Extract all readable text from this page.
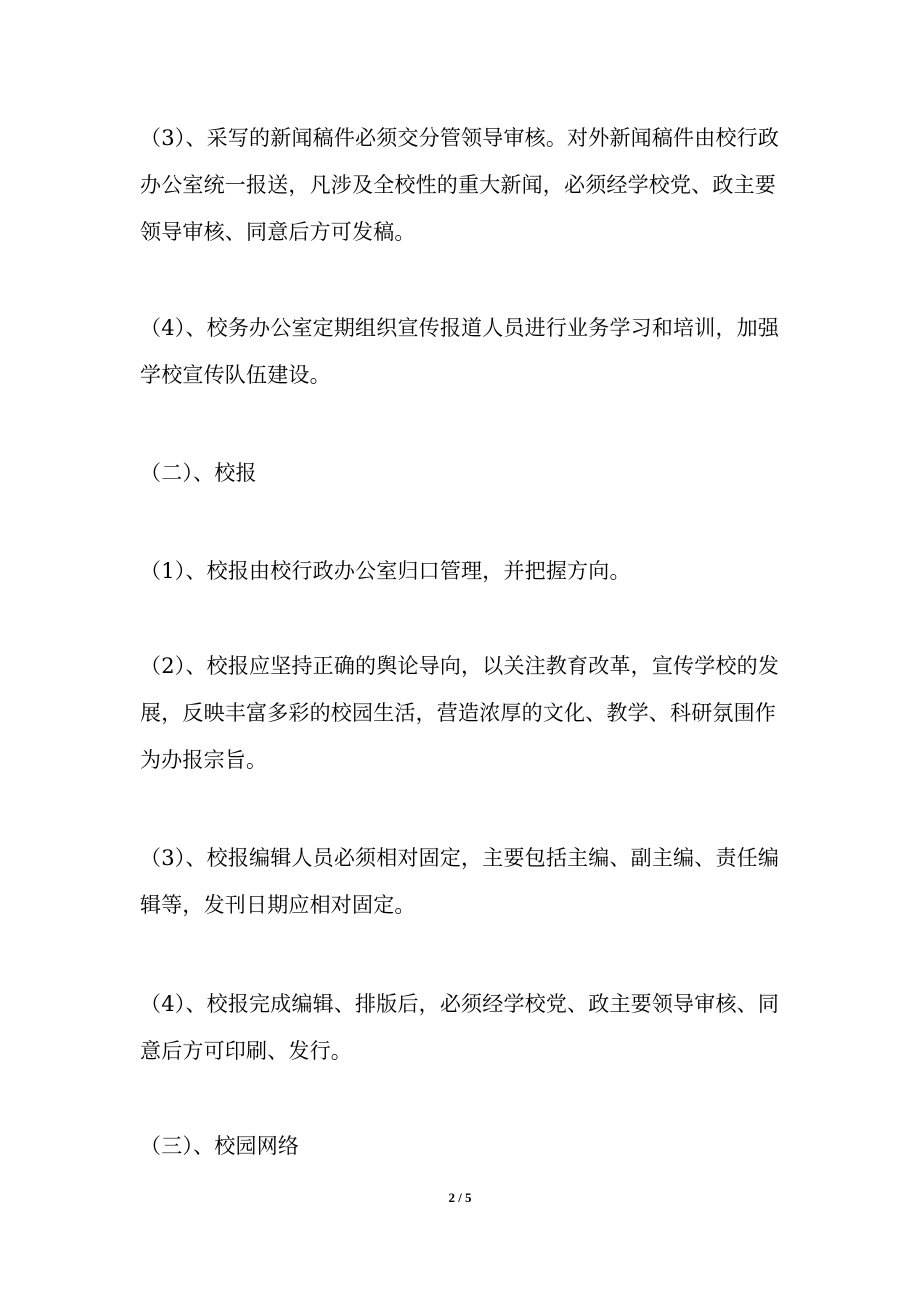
（3）、采写的新闻稿件必须交分管领导审核。对外新闻稿件由校行政办公室统一报送，凡涉及全校性的重大新闻，必须经学校党、政主要领导审核、同意后方可发稿。

（4）、校务办公室定期组织宣传报道人员进行业务学习和培训，加强学校宣传队伍建设。

（二）、校报

（1）、校报由校行政办公室归口管理，并把握方向。

（2）、校报应坚持正确的舆论导向，以关注教育改革，宣传学校的发展，反映丰富多彩的校园生活，营造浓厚的文化、教学、科研氛围作为办报宗旨。

（3）、校报编辑人员必须相对固定，主要包括主编、副主编、责任编辑等，发刊日期应相对固定。

（4）、校报完成编辑、排版后，必须经学校党、政主要领导审核、同意后方可印刷、发行。

（三）、校园网络

2 / 5
